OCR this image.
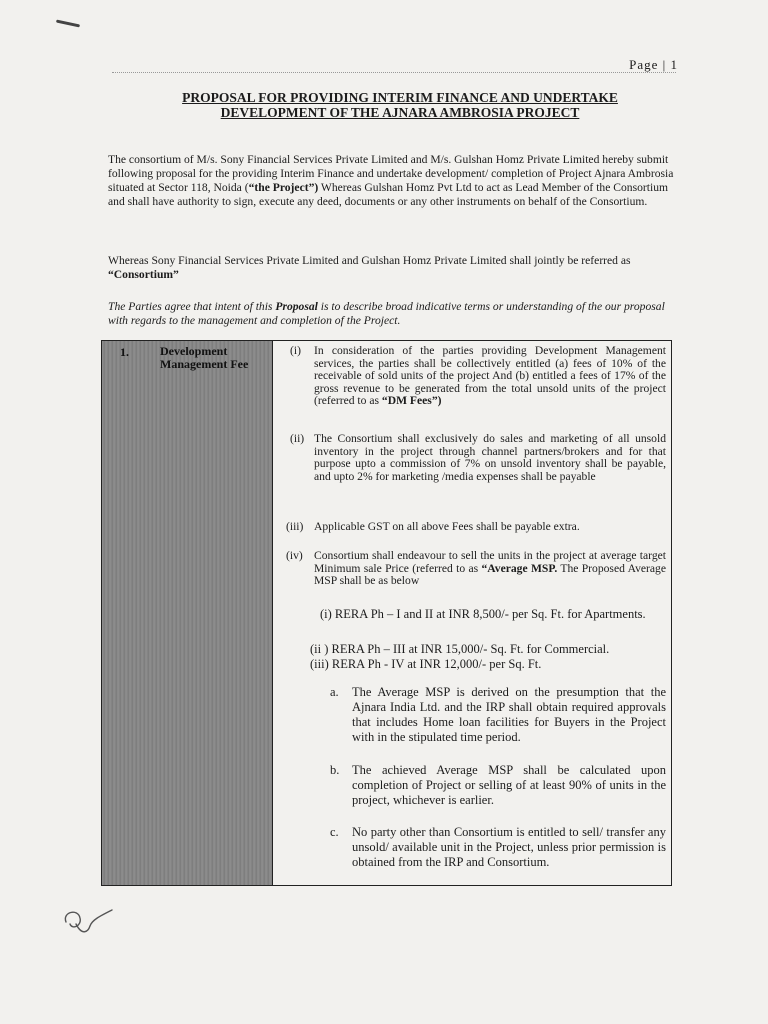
Page | 1
PROPOSAL FOR PROVIDING INTERIM FINANCE AND UNDERTAKE
DEVELOPMENT OF THE AJNARA AMBROSIA PROJECT
The consortium of M/s. Sony Financial Services Private Limited and M/s. Gulshan Homz Private Limited hereby submit following proposal for the providing Interim Finance and undertake development/ completion of Project Ajnara Ambrosia situated at Sector 118, Noida (“the Project”) Whereas Gulshan Homz Pvt Ltd to act as Lead Member of the Consortium and shall have authority to sign, execute any deed, documents or any other instruments on behalf of the Consortium.
Whereas Sony Financial Services Private Limited and Gulshan Homz Private Limited shall jointly be referred as “Consortium”
The Parties agree that intent of this Proposal is to describe broad indicative terms or understanding of the our proposal with regards to the management and completion of the Project.
1.	Development Management Fee
(i) In consideration of the parties providing Development Management services, the parties shall be collectively entitled (a) fees of 10% of the receivable of sold units of the project And (b) entitled a fees of 17% of the gross revenue to be generated from the total unsold units of the project (referred to as “DM Fees”)
(ii) The Consortium shall exclusively do sales and marketing of all unsold inventory in the project through channel partners/brokers and for that purpose upto a commission of 7% on unsold inventory shall be payable, and upto 2% for marketing /media expenses shall be payable
(iii) Applicable GST on all above Fees shall be payable extra.
(iv) Consortium shall endeavour to sell the units in the project at average target Minimum sale Price (referred to as “Average MSP. The Proposed Average MSP shall be as below
(i) RERA Ph – I and II at INR 8,500/- per Sq. Ft. for Apartments.
(ii ) RERA Ph – III at INR 15,000/- Sq. Ft. for Commercial.
(iii) RERA Ph - IV at INR 12,000/- per Sq. Ft.
a. The Average MSP is derived on the presumption that the Ajnara India Ltd. and the IRP shall obtain required approvals that includes Home loan facilities for Buyers in the Project with in the stipulated time period.
b. The achieved Average MSP shall be calculated upon completion of Project or selling of at least 90% of units in the project, whichever is earlier.
c. No party other than Consortium is entitled to sell/ transfer any unsold/ available unit in the Project, unless prior permission is obtained from the IRP and Consortium.
